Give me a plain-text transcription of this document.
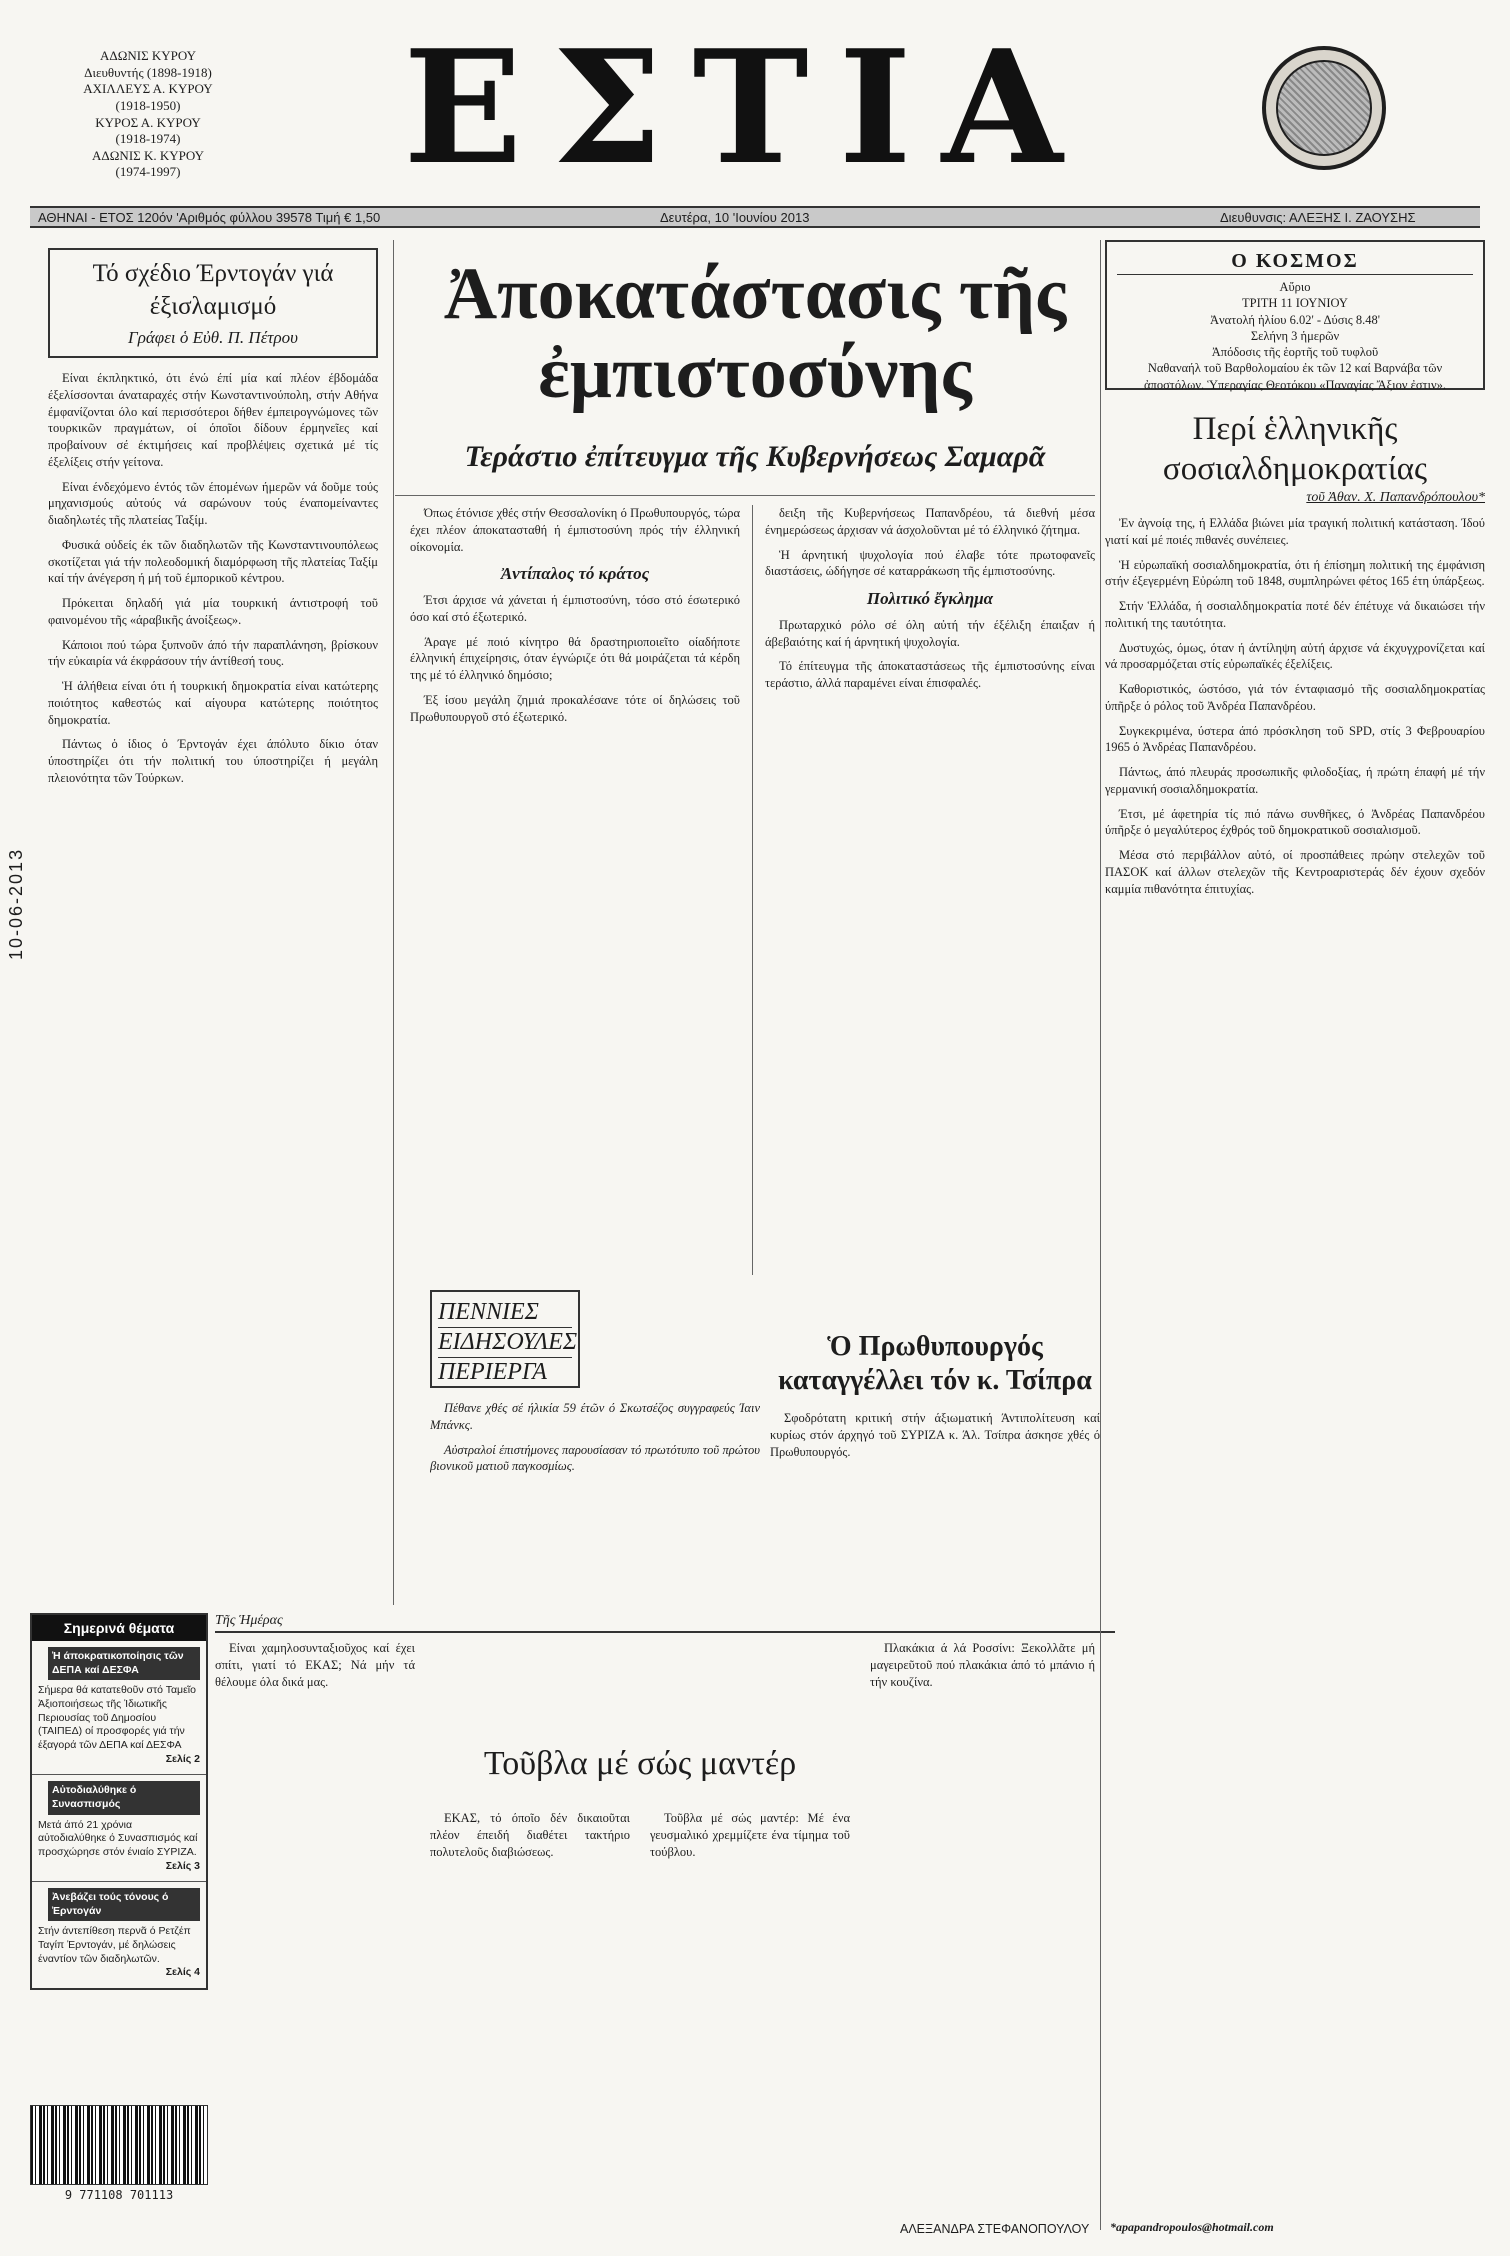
ΑΔΩΝΙΣ ΚΥΡΟΥ
Διευθυντής (1898-1918)
ΑΧΙΛΛΕΥΣ Α. ΚΥΡΟΥ
(1918-1950)
ΚΥΡΟΣ Α. ΚΥΡΟΥ
(1918-1974)
ΑΔΩΝΙΣ Κ. ΚΥΡΟΥ
(1974-1997)	ΕΣΤΙΑ
ΑΘΗΝΑΙ - ΕΤΟΣ 120όν 'Αριθμός φύλλου 39578 Τιμή € 1,50	Δευτέρα, 10 'Ιουνίου 2013	Διευθυνσις: ΑΛΕΞΗΣ Ι. ΖΑΟΥΣΗΣ
Τό σχέδιο Έρντογάν γιά έξισλαμισμό
Γράφει ὁ Εὐθ. Π. Πέτρου

Είναι έκπληκτικό, ότι ένώ έπί μία καί πλέον έβδομάδα έξελίσσονται άναταραχές στήν Κωνσταντινούπολη, στήν Αθήνα έμφανίζονται όλο καί περισσότεροι δήθεν έμπειρογνώμονες τῶν τουρκικῶν πραγμάτων, οί όποῖοι δίδουν έρμηνεῖες καί προβαίνουν σέ έκτιμήσεις καί προβλέψεις σχετικά μέ τίς έξελίξεις στήν γείτονα.

Είναι ένδεχόμενο έντός τῶν έπομένων ήμερῶν νά δοῦμε τούς μηχανισμούς αὐτούς νά σαρώνουν τούς έναπομείναντες διαδηλωτές τῆς πλατείας Ταξίμ.

Φυσικά οὐδείς έκ τῶν διαδηλωτῶν τῆς Κωνσταντινουπόλεως σκοτίζεται γιά τήν πολεοδομική διαμόρφωση τῆς πλατείας Ταξίμ καί τήν άνέγερση ή μή τοῦ έμπορικοῦ κέντρου.

Πρόκειται δηλαδή γιά μία τουρκική άντιστροφή τοῦ φαινομένου τῆς «άραβικῆς άνοίξεως».

Κάποιοι πού τώρα ξυπνοῦν άπό τήν παραπλάνηση, βρίσκουν τήν εὐκαιρία νά έκφράσουν τήν άντίθεσή τους.

Ἡ άλήθεια είναι ότι ή τουρκική δημοκρατία είναι κατώτερης ποιότητος καθεστώς καί αίγουρα κατώτερης ποιότητος δημοκρατία.

Πάντως ὁ ίδιος ὁ Έρντογάν έχει άπόλυτο δίκιο όταν ύποστηρίζει ότι τήν πολιτική του ύποστηρίζει ή μεγάλη πλειονότητα τῶν Τούρκων.

10-06-2013
Ἀποκατάστασις τῆς ἐμπιστοσύνης
Τεράστιο ἐπίτευγμα τῆς Κυβερνήσεως Σαμαρᾶ

Όπως έτόνισε χθές στήν Θεσσαλονίκη ό Πρωθυπουργός, τώρα έχει πλέον άποκατασταθή ή έμπιστοσύνη πρός τήν έλληνική οίκονομία.

Ἀντίπαλος τό κράτος

Έτσι άρχισε νά χάνεται ή έμπιστοσύνη, τόσο στό έσωτερικό όσο καί στό έξωτερικό.

Άραγε μέ ποιό κίνητρο θά δραστηριοποιεῖτο οίαδήποτε έλληνική έπιχείρησις, όταν έγνώριζε ότι θά μοιράζεται τά κέρδη της μέ τό έλληνικό δημόσιο;

Έξ ίσου μεγάλη ζημιά προκαλέσανε τότε οί δηλώσεις τοῦ Πρωθυπουργοῦ στό έξωτερικό.

δειξη τῆς Κυβερνήσεως Παπανδρέου, τά διεθνή μέσα ένημερώσεως άρχισαν νά άσχολοῦνται μέ τό έλληνικό ζήτημα.

Ἡ άρνητική ψυχολογία πού έλαβε τότε πρωτοφανεῖς διαστάσεις, ώδήγησε σέ καταρράκωση τῆς έμπιστοσύνης.

Πολιτικό ἔγκλημα

Πρωταρχικό ρόλο σέ όλη αὐτή τήν έξέλιξη έπαιξαν ή άβεβαιότης καί ή άρνητική ψυχολογία.

Τό έπίτευγμα τῆς άποκαταστάσεως τῆς έμπιστοσύνης είναι τεράστιο, άλλά παραμένει είναι έπισφαλές.

ΠΕΝΝΙΕΣ
ΕΙΔΗΣΟΥΛΕΣ
ΠΕΡΙΕΡΓΑ

Πέθανε χθές σέ ήλικία 59 έτῶν ό Σκωτσέζος συγγραφεύς Ίαιν Μπάνκς.

Αὐστραλοί έπιστήμονες παρουσίασαν τό πρωτότυπο τοῦ πρώτου βιονικοῦ ματιοῦ παγκοσμίως.

Ὁ Πρωθυπουργός καταγγέλλει τόν κ. Τσίπρα

Σφοδρότατη κριτική στήν άξιωματική Άντιπολίτευση καί κυρίως στόν άρχηγό τοῦ ΣΥΡΙΖΑ κ. Άλ. Τσίπρα άσκησε χθές ό Πρωθυπουργός.

Ο ΚΟΣΜΟΣ
Αὔριο
ΤΡΙΤΗ 11 ΙΟΥΝΙΟΥ
Ἀνατολή ἡλίου 6.02' - Δύσις 8.48'
Σελήνη 3 ἡμερῶν
Ἀπόδοσις τῆς ἑορτῆς τοῦ τυφλοῦ
Ναθαναήλ τοῦ Βαρθολομαίου ἐκ τῶν 12 καί Βαρνάβα τῶν ἀποστόλων. Ὑπεραγίας Θεοτόκου «Παναγίας Ἄξιον ἐστιν».
Περί ἑλληνικῆς σοσιαλδημοκρατίας
τοῦ Ἀθαν. Χ. Παπανδρόπουλου*

Ἐν ἀγνοίᾳ της, ή Ελλάδα βιώνει μία τραγική πολιτική κατάσταση. Ίδού γιατί καί μέ ποιές πιθανές συνέπειες.

Ἡ εὐρωπαϊκή σοσιαλδημοκρατία, ότι ή έπίσημη πολιτική της έμφάνιση στήν έξεγερμένη Εὐρώπη τοῦ 1848, συμπληρώνει φέτος 165 έτη ύπάρξεως.

Στήν Ἑλλάδα, ή σοσιαλδημοκρατία ποτέ δέν έπέτυχε νά δικαιώσει τήν πολιτική της ταυτότητα.

Δυστυχώς, όμως, όταν ή άντίληψη αὐτή άρχισε νά έκχυγχρονίζεται καί νά προσαρμόζεται στίς εὐρωπαϊκές έξελίξεις.

Καθοριστικός, ώστόσο, γιά τόν ένταφιασμό τῆς σοσιαλδημοκρατίας ύπῆρξε ό ρόλος τοῦ Ἀνδρέα Παπανδρέου.

Συγκεκριμένα, ύστερα άπό πρόσκληση τοῦ SPD, στίς 3 Φεβρουαρίου 1965 ό Ἀνδρέας Παπανδρέου.

Πάντως, άπό πλευράς προσωπικῆς φιλοδοξίας, ή πρώτη έπαφή μέ τήν γερμανική σοσιαλδημοκρατία.

Έτσι, μέ άφετηρία τίς πιό πάνω συνθῆκες, ό Ἀνδρέας Παπανδρέου ύπῆρξε ό μεγαλύτερος έχθρός τοῦ δημοκρατικοῦ σοσιαλισμοῦ.

Μέσα στό περιβάλλον αὐτό, οί προσπάθειες πρώην στελεχῶν τοῦ ΠΑΣΟΚ καί άλλων στελεχῶν τῆς Κεντροαριστεράς δέν έχουν σχεδόν καμμία πιθανότητα έπιτυχίας.

*apapandropoulos@hotmail.com
Σημερινά θέματα
Ἡ άποκρατικοποίησις τῶν ΔΕΠΑ καί ΔΕΣΦΑ
Σήμερα θά κατατεθοῦν στό Ταμεῖο Ἀξιοποιήσεως τῆς Ἰδιωτικῆς Περιουσίας τοῦ Δημοσίου (ΤΑΙΠΕΔ) οί προσφορές γιά τήν έξαγορά τῶν ΔΕΠΑ καί ΔΕΣΦΑ
Σελίς 2
Αὐτοδιαλύθηκε ό Συνασπισμός
Μετά άπό 21 χρόνια αὐτοδιαλύθηκε ό Συνασπισμός καί προσχώρησε στόν ένιαίο ΣΥΡΙΖΑ.
Σελίς 3
Ἀνεβάζει τούς τόνους ό Ἐρντογάν
Στήν άντεπίθεση περνᾶ ό Ρετζέπ Ταγίπ Ἐρντογάν, μέ δηλώσεις έναντίον τῶν διαδηλωτῶν.
Σελίς 4
9 771108 701113
Τῆς Ἡμέρας
Τοῦβλα μέ σώς μαντέρ

Είναι χαμηλοσυνταξιοῦχος καί έχει σπίτι, γιατί τό ΕΚΑΣ; Νά μήν τά θέλουμε όλα δικά μας.

ΕΚΑΣ, τό όποῖο δέν δικαιοῦται πλέον έπειδή διαθέτει τακτήριο πολυτελοῦς διαβιώσεως.

Τοῦβλα μέ σώς μαντέρ: Μέ ένα γευσμαλικό χρεμμίζετε ένα τίμημα τοῦ τούβλου.

Πλακάκια ά λά Ροσσίνι: Ξεκολλᾶτε μή μαγειρεῦτοῦ πού πλακάκια άπό τό μπάνιο ή τήν κουζίνα.

ΑΛΕΞΑΝΔΡΑ ΣΤΕΦΑΝΟΠΟΥΛΟΥ
